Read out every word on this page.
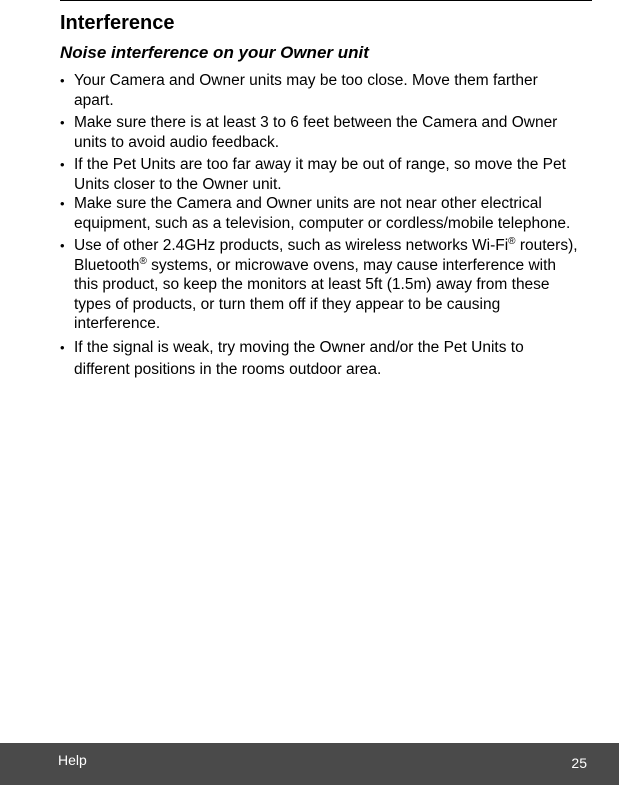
Interference
Noise interference on your Owner unit
• Your Camera and Owner units may be too close. Move them farther apart.
• Make sure there is at least 3 to 6 feet between the Camera and Owner units to avoid audio feedback.
• If the Pet Units are too far away it may be out of range, so move the Pet Units closer to the Owner unit.
• Make sure the Camera and Owner units are not near other electrical equipment, such as a television, computer or cordless/mobile telephone.
• Use of other 2.4GHz products, such as wireless networks Wi-Fi® routers), Bluetooth® systems, or microwave ovens, may cause interference with this product, so keep the monitors at least 5ft (1.5m) away from these types of products, or turn them off if they appear to be causing interference.
• If the signal is weak, try moving the Owner and/or the Pet Units to different positions in the rooms outdoor area.
Help	25
